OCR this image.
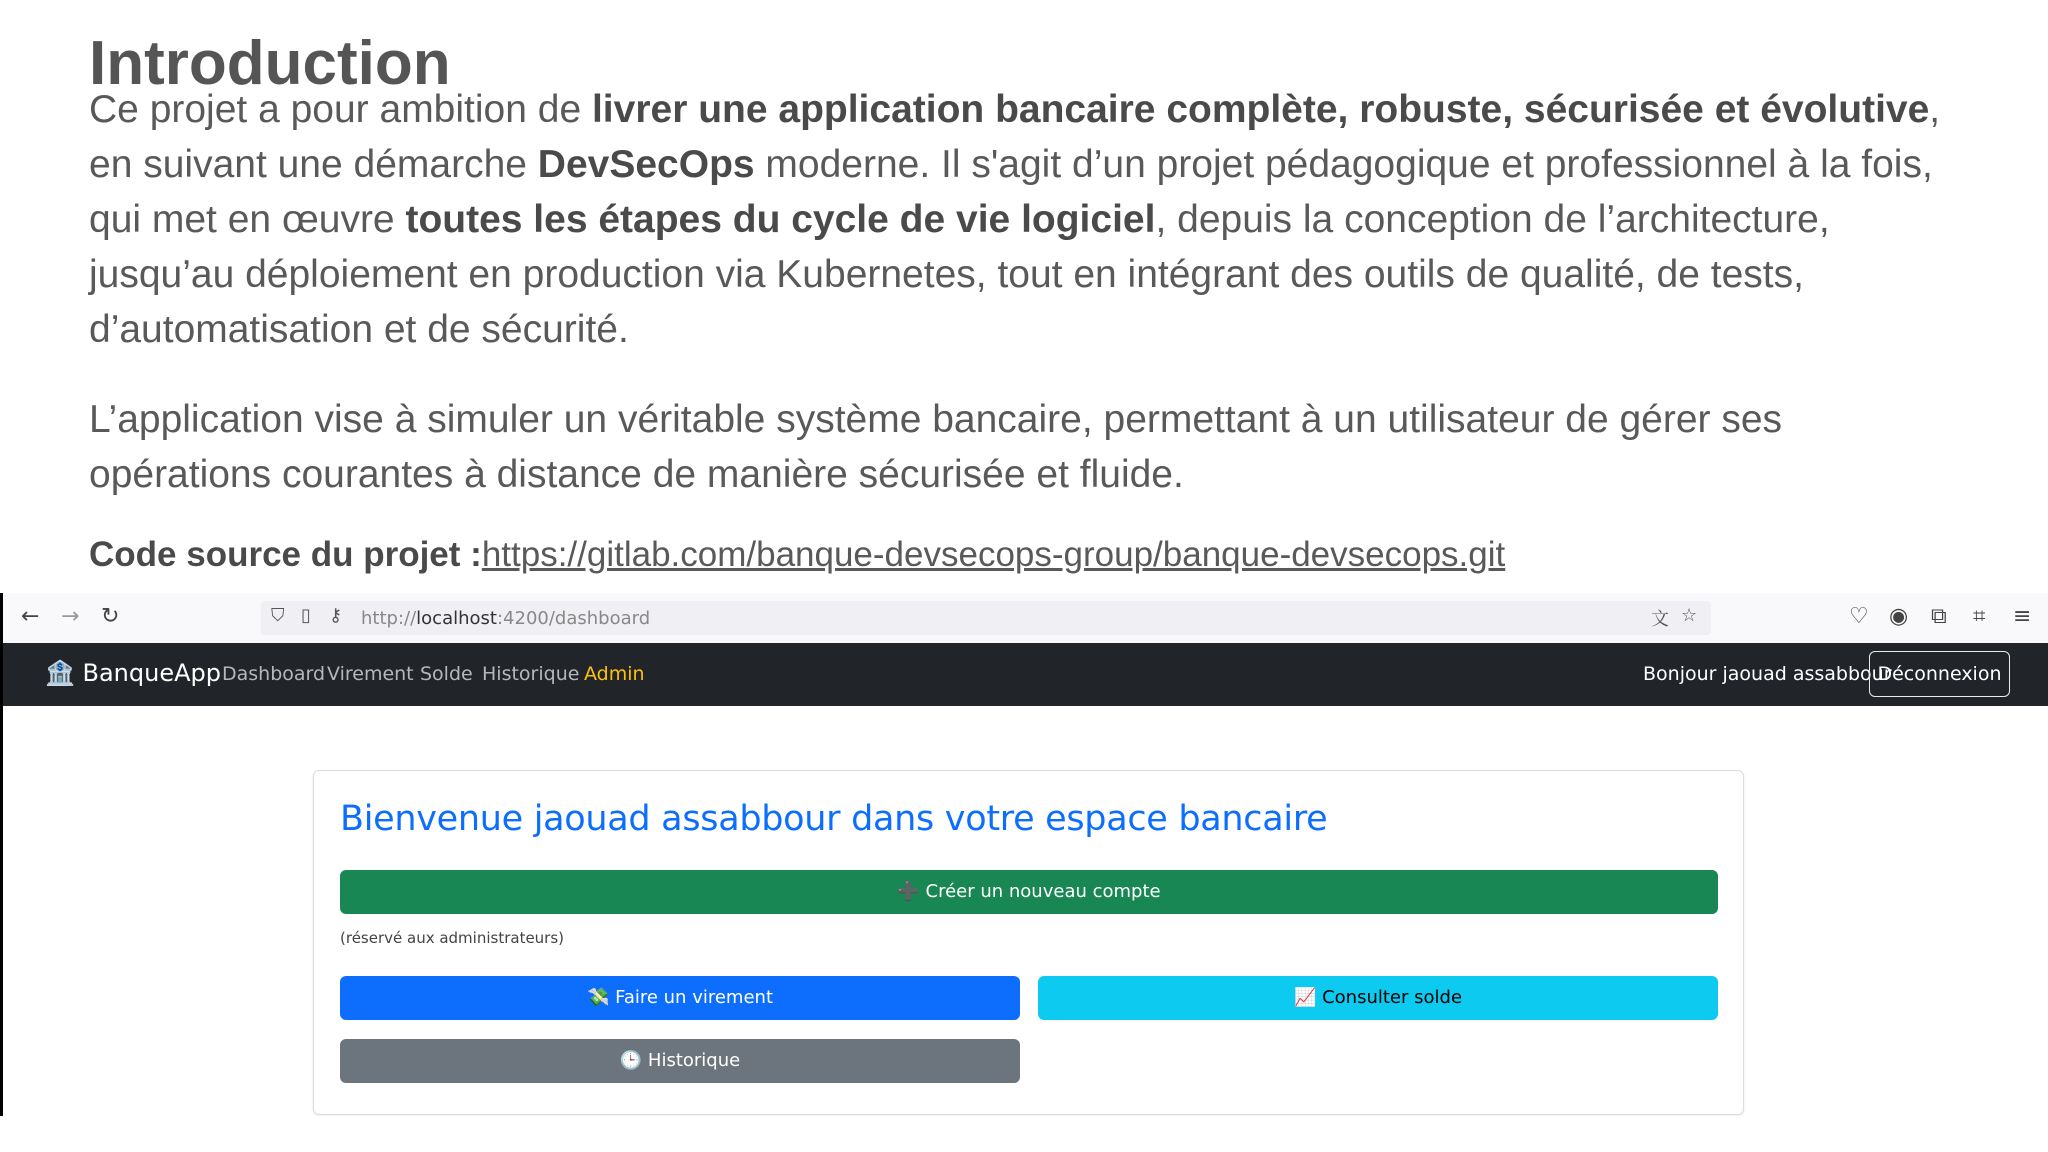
Introduction

Ce projet a pour ambition de livrer une application bancaire complète, robuste, sécurisée et évolutive, en suivant une démarche DevSecOps moderne. Il s'agit d’un projet pédagogique et professionnel à la fois, qui met en œuvre toutes les étapes du cycle de vie logiciel, depuis la conception de l’architecture, jusqu’au déploiement en production via Kubernetes, tout en intégrant des outils de qualité, de tests, d’automatisation et de sécurité.

L’application vise à simuler un véritable système bancaire, permettant à un utilisateur de gérer ses opérations courantes à distance de manière sécurisée et fluide.

Code source du projet :https://gitlab.com/banque-devsecops-group/banque-devsecops.git
← → ↻	⛉ ▯ ⚷ http://localhost:4200/dashboard	文 ☆	♡ ◉ ⧉ ⌗ ≡
🏦 BanqueApp Dashboard Virement Solde Historique Admin	Bonjour jaouad assabbour
Déconnexion
Bienvenue jaouad assabbour dans votre espace bancaire
➕ Créer un nouveau compte
(réservé aux administrateurs)
💸 Faire un virement	📈 Consulter solde
🕒 Historique
